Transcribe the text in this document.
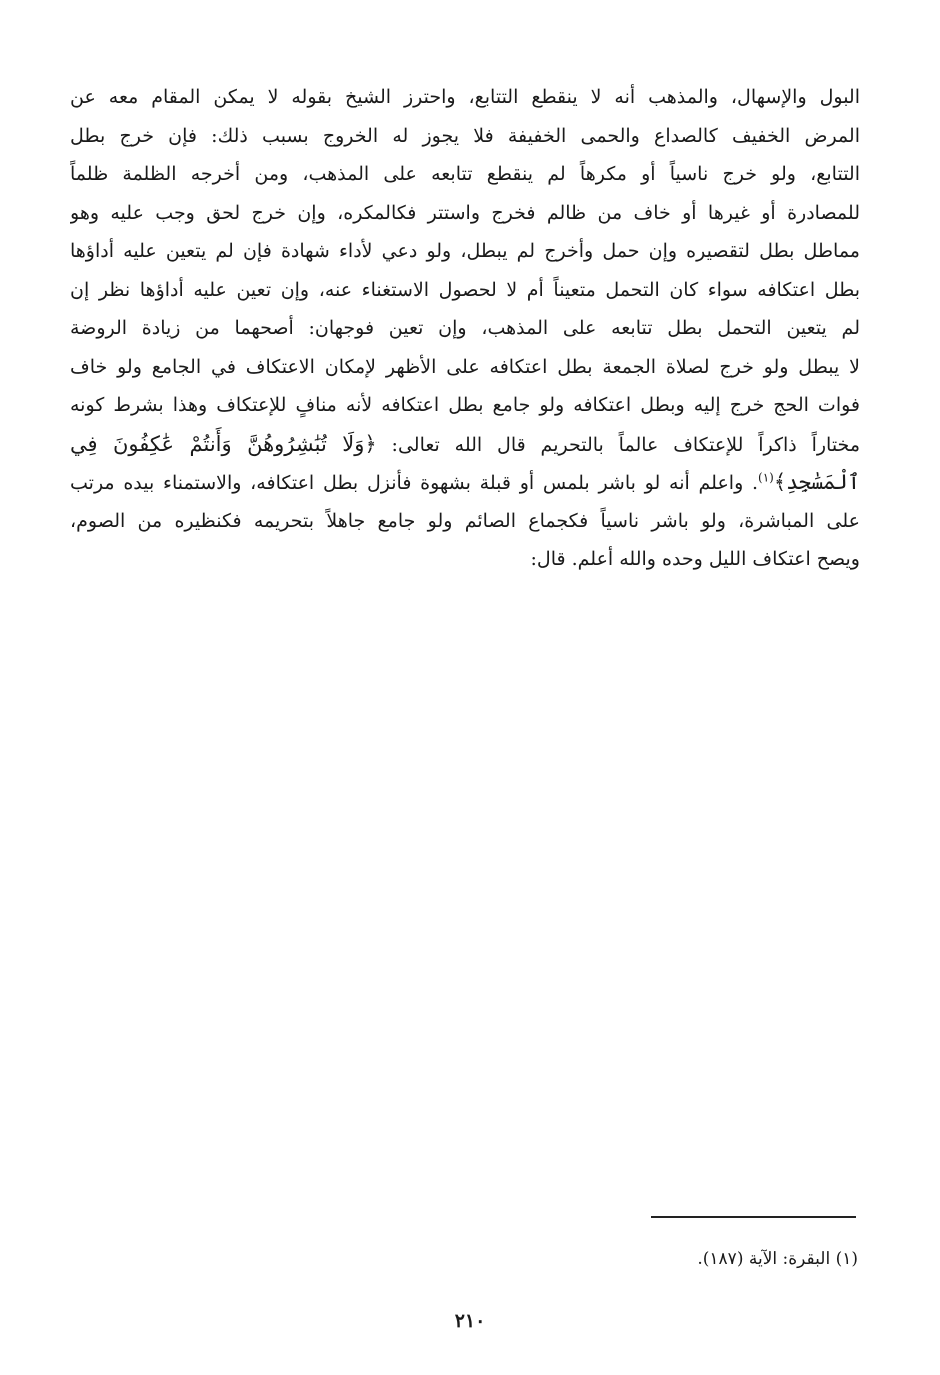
البول والإسهال، والمذهب أنه لا ينقطع التتابع، واحترز الشيخ بقوله لا يمكن المقام معه عن
المرض الخفيف كالصداع والحمى الخفيفة فلا يجوز له الخروج بسبب ذلك: فإن خرج بطل
التتابع، ولو خرج ناسياً أو مكرهاً لم ينقطع تتابعه على المذهب، ومن أخرجه الظلمة ظلماً
للمصادرة أو غيرها أو خاف من ظالم فخرج واستتر فكالمكره، وإن خرج لحق وجب عليه وهو
مماطل بطل لتقصيره وإن حمل وأخرج لم يبطل، ولو دعي لأداء شهادة فإن لم يتعين عليه أداؤها
بطل اعتكافه سواء كان التحمل متعيناً أم لا لحصول الاستغناء عنه، وإن تعين عليه أداؤها نظر إن
لم يتعين التحمل بطل تتابعه على المذهب، وإن تعين فوجهان: أصحهما من زيادة الروضة
لا يبطل ولو خرج لصلاة الجمعة بطل اعتكافه على الأظهر لإمكان الاعتكاف في الجامع ولو خاف
فوات الحج خرج إليه وبطل اعتكافه ولو جامع بطل اعتكافه لأنه منافٍ للإعتكاف وهذا بشرط كونه
مختاراً ذاكراً للإعتكاف عالماً بالتحريم قال الله تعالى: ﴿وَلَا تُبَٰشِرُوهُنَّ وَأَنتُمْ عَٰكِفُونَ فِي
ٱلْمَسَٰجِدِ﴾$^{(١)}$. واعلم أنه لو باشر بلمس أو قبلة بشهوة فأنزل بطل اعتكافه، والاستمناء بيده مرتب
على المباشرة، ولو باشر ناسياً فكجماع الصائم ولو جامع جاهلاً بتحريمه فكنظيره من الصوم،
ويصح اعتكاف الليل وحده والله أعلم. قال:
(١) البقرة: الآية (١٨٧).
٢١٠
